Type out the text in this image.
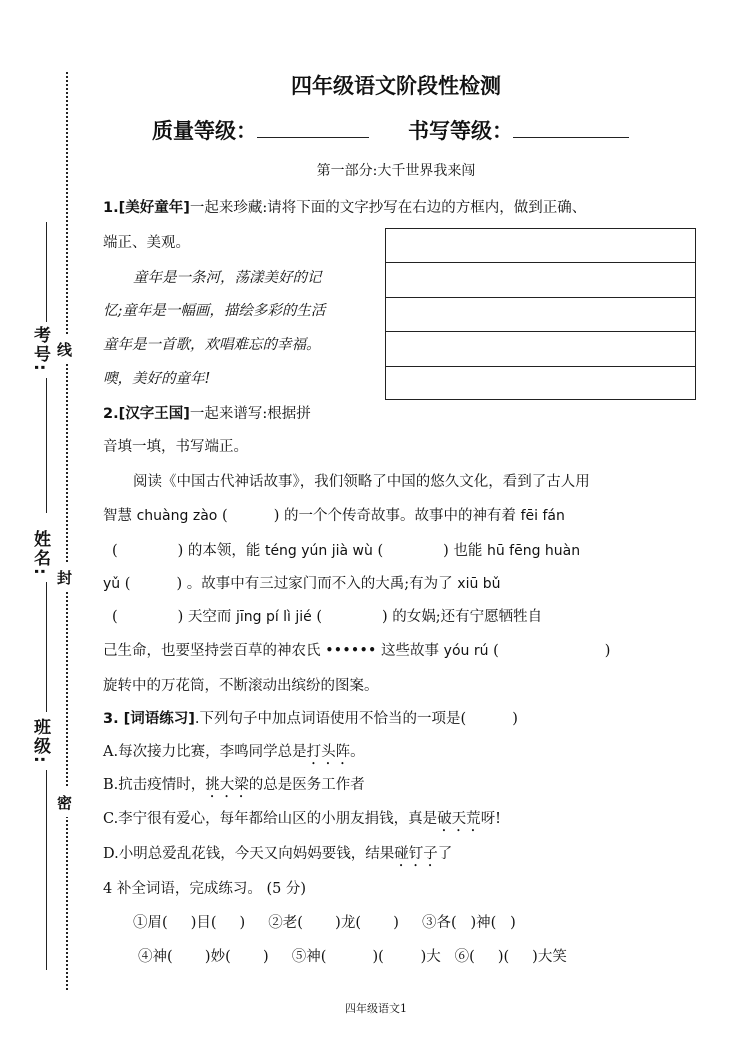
考号:
姓名:
班级:
线
封
密
四年级语文阶段性检测
质量等级：	书写等级：
第一部分:大千世界我来闯
1.[美好童年]一起来珍藏:请将下面的文字抄写在右边的方框内，做到正确、
端正、美观。
童年是一条河，荡漾美好的记
忆;童年是一幅画，描绘多彩的生活
童年是一首歌，欢唱难忘的幸福。
噢，美好的童年!
2.[汉字王国]一起来谱写:根据拼
音填一填，书写端正。
阅读《中国古代神话故事》，我们领略了中国的悠久文化，看到了古人用
智慧 chuàng zào (          ) 的一个个传奇故事。故事中的神有着 fēi fán
(             ) 的本领，能 téng yún jià wù (             ) 也能 hū fēng huàn
yǔ (          ) 。故事中有三过家门而不入的大禹;有为了 xiū bǔ
(             ) 天空而 jīng pí lì jié (             ) 的女娲;还有宁愿牺牲自
己生命，也要坚持尝百草的神农氏 •••••• 这些故事 yóu rú (                       )
旋转中的万花筒，不断滚动出缤纷的图案。
3. [词语练习].下列句子中加点词语使用不恰当的一项是(          )
A.每次接力比赛，李鸣同学总是打头阵。
B.抗击疫情时，挑大梁的总是医务工作者
C.李宁很有爱心，每年都给山区的小朋友捐钱，真是破天荒呀!
D.小明总爱乱花钱，今天又向妈妈要钱，结果碰钉子了
4 补全词语，完成练习。 (5 分)
①眉(     )目(     )     ②老(       )龙(       )     ③各(   )神(   )
④神(       )妙(       )     ⑤神(          )(        )大   ⑥(     )(     )大笑
四年级语文1
